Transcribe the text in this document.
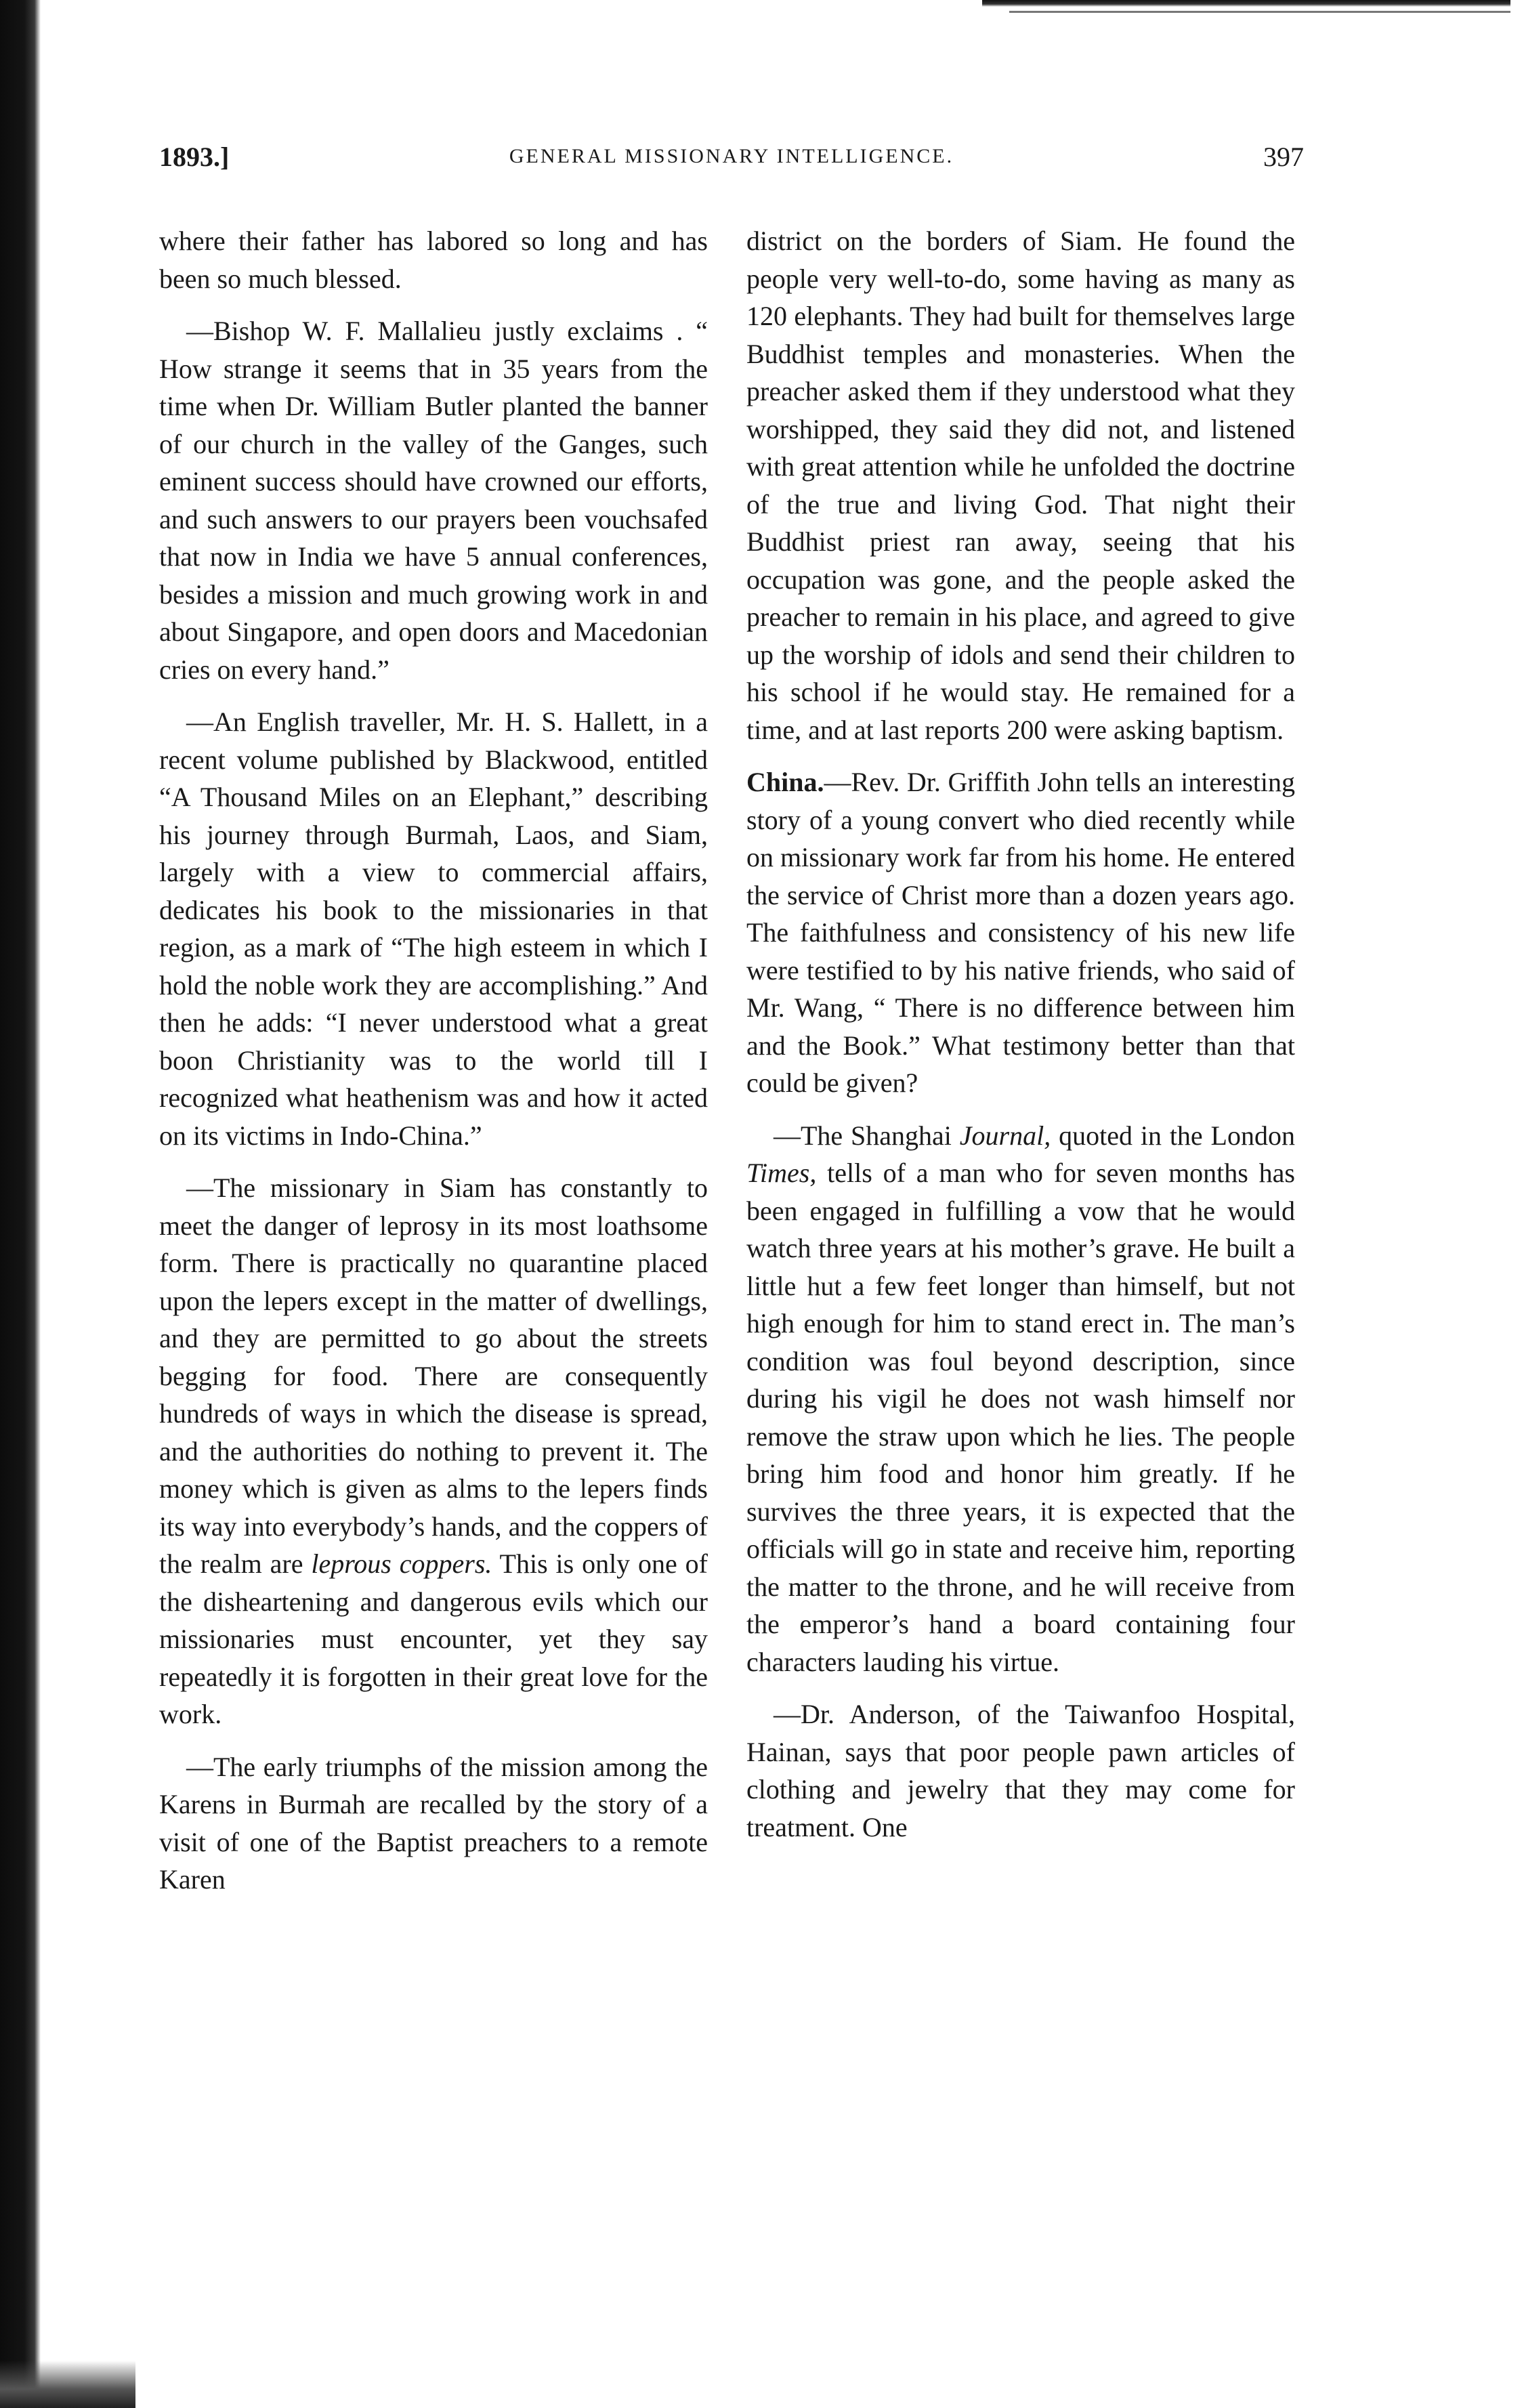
1893.]	GENERAL MISSIONARY INTELLIGENCE.	397

where their father has labored so long and has been so much blessed.

—Bishop W. F. Mallalieu justly exclaims . “ How strange it seems that in 35 years from the time when Dr. William Butler planted the banner of our church in the valley of the Ganges, such eminent success should have crowned our efforts, and such answers to our prayers been vouchsafed that now in India we have 5 annual conferences, besides a mission and much growing work in and about Singapore, and open doors and Macedonian cries on every hand.”

—An English traveller, Mr. H. S. Hallett, in a recent volume published by Blackwood, entitled “A Thousand Miles on an Elephant,” describing his journey through Burmah, Laos, and Siam, largely with a view to commercial affairs, dedicates his book to the missionaries in that region, as a mark of “The high esteem in which I hold the noble work they are accomplishing.” And then he adds: “I never understood what a great boon Christianity was to the world till I recognized what heathenism was and how it acted on its victims in Indo-China.”

—The missionary in Siam has constantly to meet the danger of leprosy in its most loathsome form. There is practically no quarantine placed upon the lepers except in the matter of dwellings, and they are permitted to go about the streets begging for food. There are consequently hundreds of ways in which the disease is spread, and the authorities do nothing to prevent it. The money which is given as alms to the lepers finds its way into everybody’s hands, and the coppers of the realm are leprous coppers. This is only one of the disheartening and dangerous evils which our missionaries must encounter, yet they say repeatedly it is forgotten in their great love for the work.

—The early triumphs of the mission among the Karens in Burmah are recalled by the story of a visit of one of the Baptist preachers to a remote Karen

district on the borders of Siam. He found the people very well-to-do, some having as many as 120 elephants. They had built for themselves large Buddhist temples and monasteries. When the preacher asked them if they understood what they worshipped, they said they did not, and listened with great attention while he unfolded the doctrine of the true and living God. That night their Buddhist priest ran away, seeing that his occupation was gone, and the people asked the preacher to remain in his place, and agreed to give up the worship of idols and send their children to his school if he would stay. He remained for a time, and at last reports 200 were asking baptism.

China.—Rev. Dr. Griffith John tells an interesting story of a young convert who died recently while on missionary work far from his home. He entered the service of Christ more than a dozen years ago. The faithfulness and consistency of his new life were testified to by his native friends, who said of Mr. Wang, “ There is no difference between him and the Book.” What testimony better than that could be given?

—The Shanghai Journal, quoted in the London Times, tells of a man who for seven months has been engaged in fulfilling a vow that he would watch three years at his mother’s grave. He built a little hut a few feet longer than himself, but not high enough for him to stand erect in. The man’s condition was foul beyond description, since during his vigil he does not wash himself nor remove the straw upon which he lies. The people bring him food and honor him greatly. If he survives the three years, it is expected that the officials will go in state and receive him, reporting the matter to the throne, and he will receive from the emperor’s hand a board containing four characters lauding his virtue.

—Dr. Anderson, of the Taiwanfoo Hospital, Hainan, says that poor people pawn articles of clothing and jewelry that they may come for treatment. One
